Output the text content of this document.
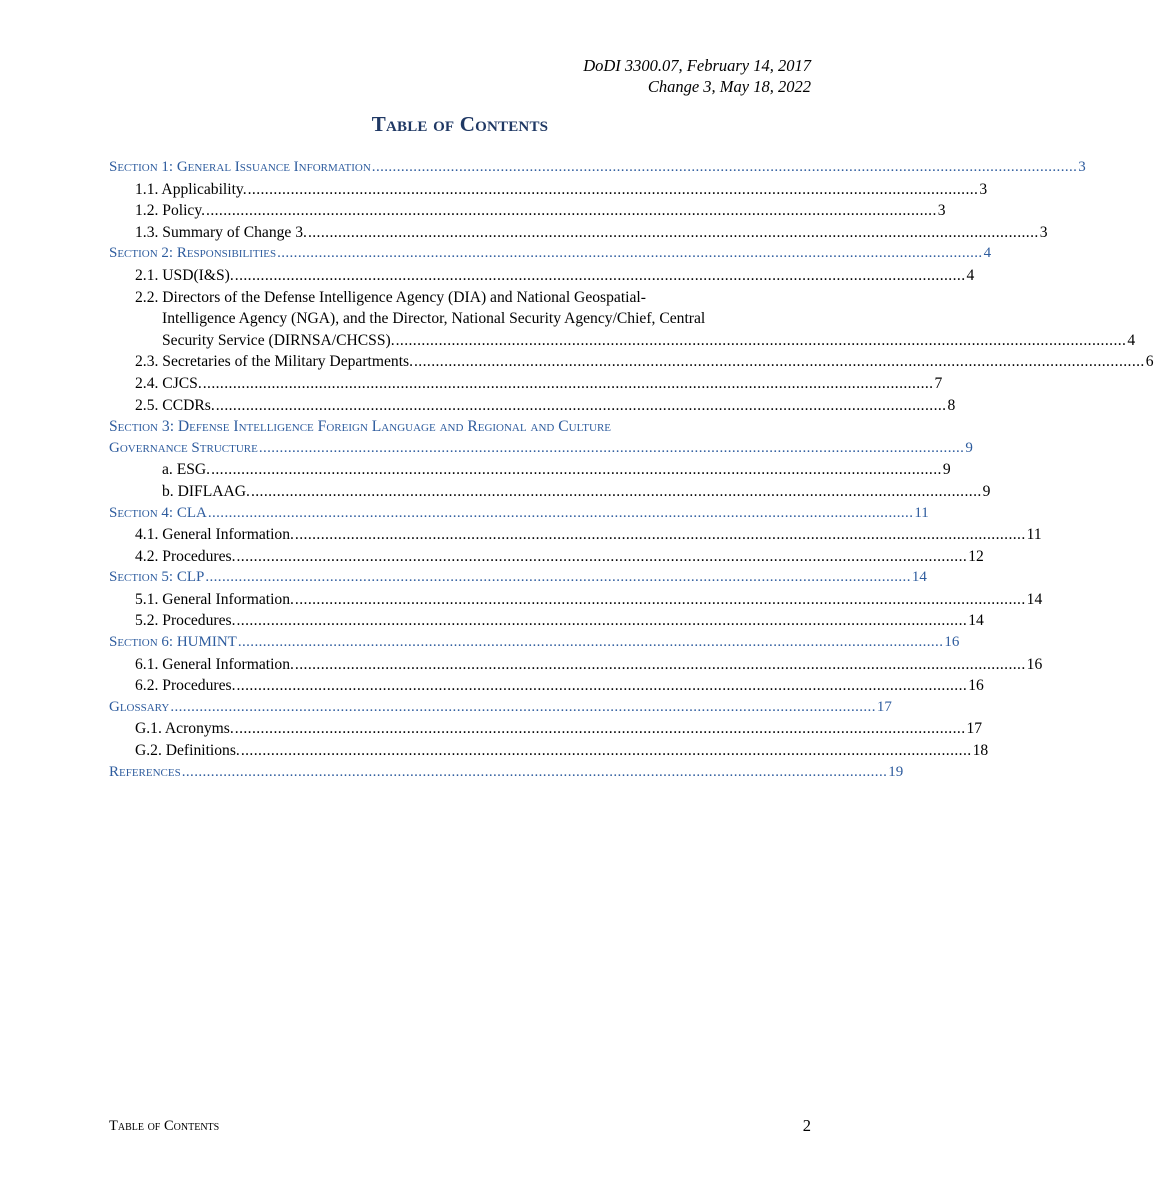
DoDI 3300.07, February 14, 2017
Change 3, May 18, 2022
Table of Contents
Section 1: General Issuance Information .......................................................................................................................................................................... 3
1.1. Applicability. .......................................................................................................................................................................... 3
1.2. Policy. .......................................................................................................................................................................... 3
1.3. Summary of Change 3. .......................................................................................................................................................................... 3
Section 2: Responsibilities .......................................................................................................................................................................... 4
2.1. USD(I&S). .......................................................................................................................................................................... 4
2.2. Directors of the Defense Intelligence Agency (DIA) and National Geospatial-
Intelligence Agency (NGA), and the Director, National Security Agency/Chief, Central
Security Service (DIRNSA/CHCSS). .......................................................................................................................................................................... 4
2.3. Secretaries of the Military Departments. .......................................................................................................................................................................... 6
2.4. CJCS. .......................................................................................................................................................................... 7
2.5. CCDRs. .......................................................................................................................................................................... 8
Section 3: Defense Intelligence Foreign Language and Regional and Culture
Governance Structure .......................................................................................................................................................................... 9
a. ESG. .......................................................................................................................................................................... 9
b. DIFLAAG. .......................................................................................................................................................................... 9
Section 4: CLA .......................................................................................................................................................................... 11
4.1. General Information. .......................................................................................................................................................................... 11
4.2. Procedures. .......................................................................................................................................................................... 12
Section 5: CLP .......................................................................................................................................................................... 14
5.1. General Information. .......................................................................................................................................................................... 14
5.2. Procedures. .......................................................................................................................................................................... 14
Section 6: HUMINT .......................................................................................................................................................................... 16
6.1. General Information. .......................................................................................................................................................................... 16
6.2. Procedures. .......................................................................................................................................................................... 16
Glossary .......................................................................................................................................................................... 17
G.1. Acronyms. .......................................................................................................................................................................... 17
G.2. Definitions. .......................................................................................................................................................................... 18
References .......................................................................................................................................................................... 19
Table of Contents	2
